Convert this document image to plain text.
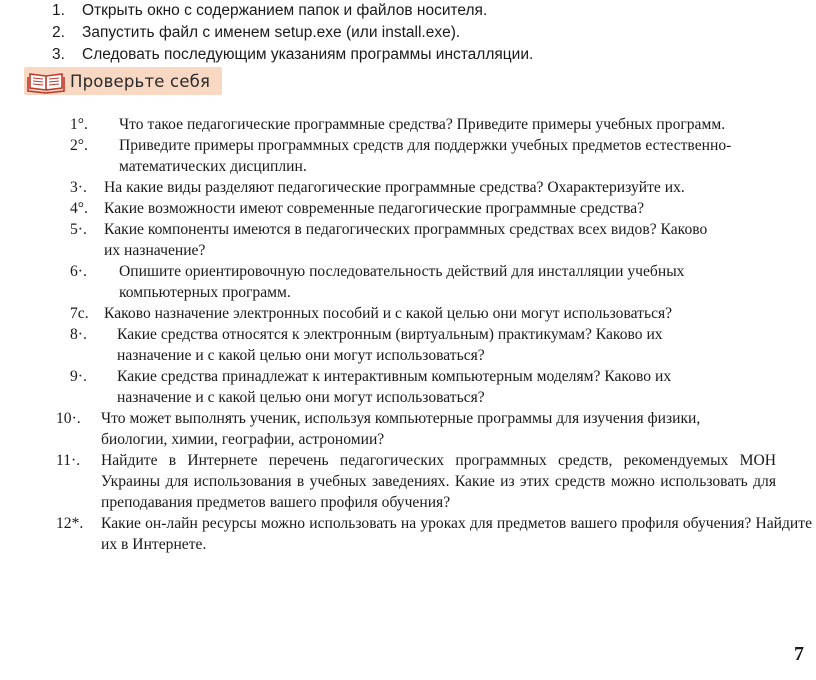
1. Открыть окно с содержанием папок и файлов носителя.
2. Запустить файл с именем setup.exe (или install.exe).
3. Следовать последующим указаниям программы инсталляции.
Проверьте себя
1°. Что такое педагогические программные средства? Приведите примеры учебных программ.
2°. Приведите примеры программных средств для поддержки учебных предметов естественно-математических дисциплин.
3·. На какие виды разделяют педагогические программные средства? Охарактеризуйте их.
4°. Какие возможности имеют современные педагогические программные средства?
5·. Какие компоненты имеются в педагогических программных средствах всех видов? Каково их назначение?
6·. Опишите ориентировочную последовательность действий для инсталляции учебных компьютерных программ.
7с. Каково назначение электронных пособий и с какой целью они могут использоваться?
8·. Какие средства относятся к электронным (виртуальным) практикумам? Каково их назначение и с какой целью они могут использоваться?
9·. Какие средства принадлежат к интерактивным компьютерным моделям? Каково их назначение и с какой целью они могут использоваться?
10·. Что может выполнять ученик, используя компьютерные программы для изучения физики, биологии, химии, географии, астрономии?
11·. Найдите в Интернете перечень педагогических программных средств, рекомендуемых МОН Украины для использования в учебных заведениях. Какие из этих средств можно использовать для преподавания предметов вашего профиля обучения?
12*. Какие он-лайн ресурсы можно использовать на уроках для предметов вашего профиля обучения? Найдите их в Интернете.
7
